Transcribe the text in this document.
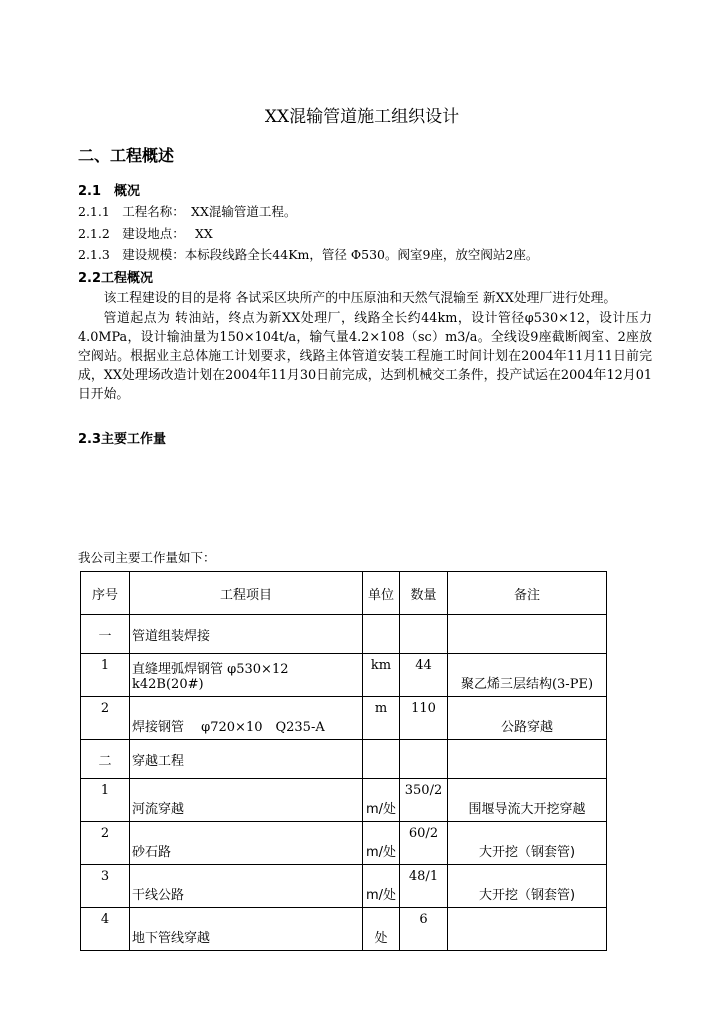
XX混输管道施工组织设计
二、工程概述
2.1　概况
2.1.1　工程名称：　XX混输管道工程。
2.1.2　建设地点：　 XX
2.1.3　建设规模：本标段线路全长44Km，管径 Φ530。阀室9座，放空阀站2座。
2.2工程概况

该工程建设的目的是将 各试采区块所产的中压原油和天然气混输至 新XX处理厂进行处理。

管道起点为 转油站，终点为新XX处理厂，线路全长约44km，设计管径φ530×12，设计压力4.0MPa，设计输油量为150×104t/a，输气量4.2×108（sc）m3/a。全线设9座截断阀室、2座放空阀站。根据业主总体施工计划要求，线路主体管道安装工程施工时间计划在2004年11月11日前完成，XX处理场改造计划在2004年11月30日前完成，达到机械交工条件，投产试运在2004年12月01日开始。

2.3主要工作量
我公司主要工作量如下：
序号	工程项目	单位	数量	备注
一	管道组装焊接			
1	直缝埋弧焊钢管 φ530×12 k42B(20#)	km	44	聚乙烯三层结构(3-PE)
2	焊接钢管　 φ720×10　Q235-A	m	110	公路穿越
二	穿越工程			
1	河流穿越	m/处	350/2	围堰导流大开挖穿越
2	砂石路	m/处	60/2	大开挖（钢套管)
3	干线公路	m/处	48/1	大开挖（钢套管)
4	地下管线穿越	处	6	
